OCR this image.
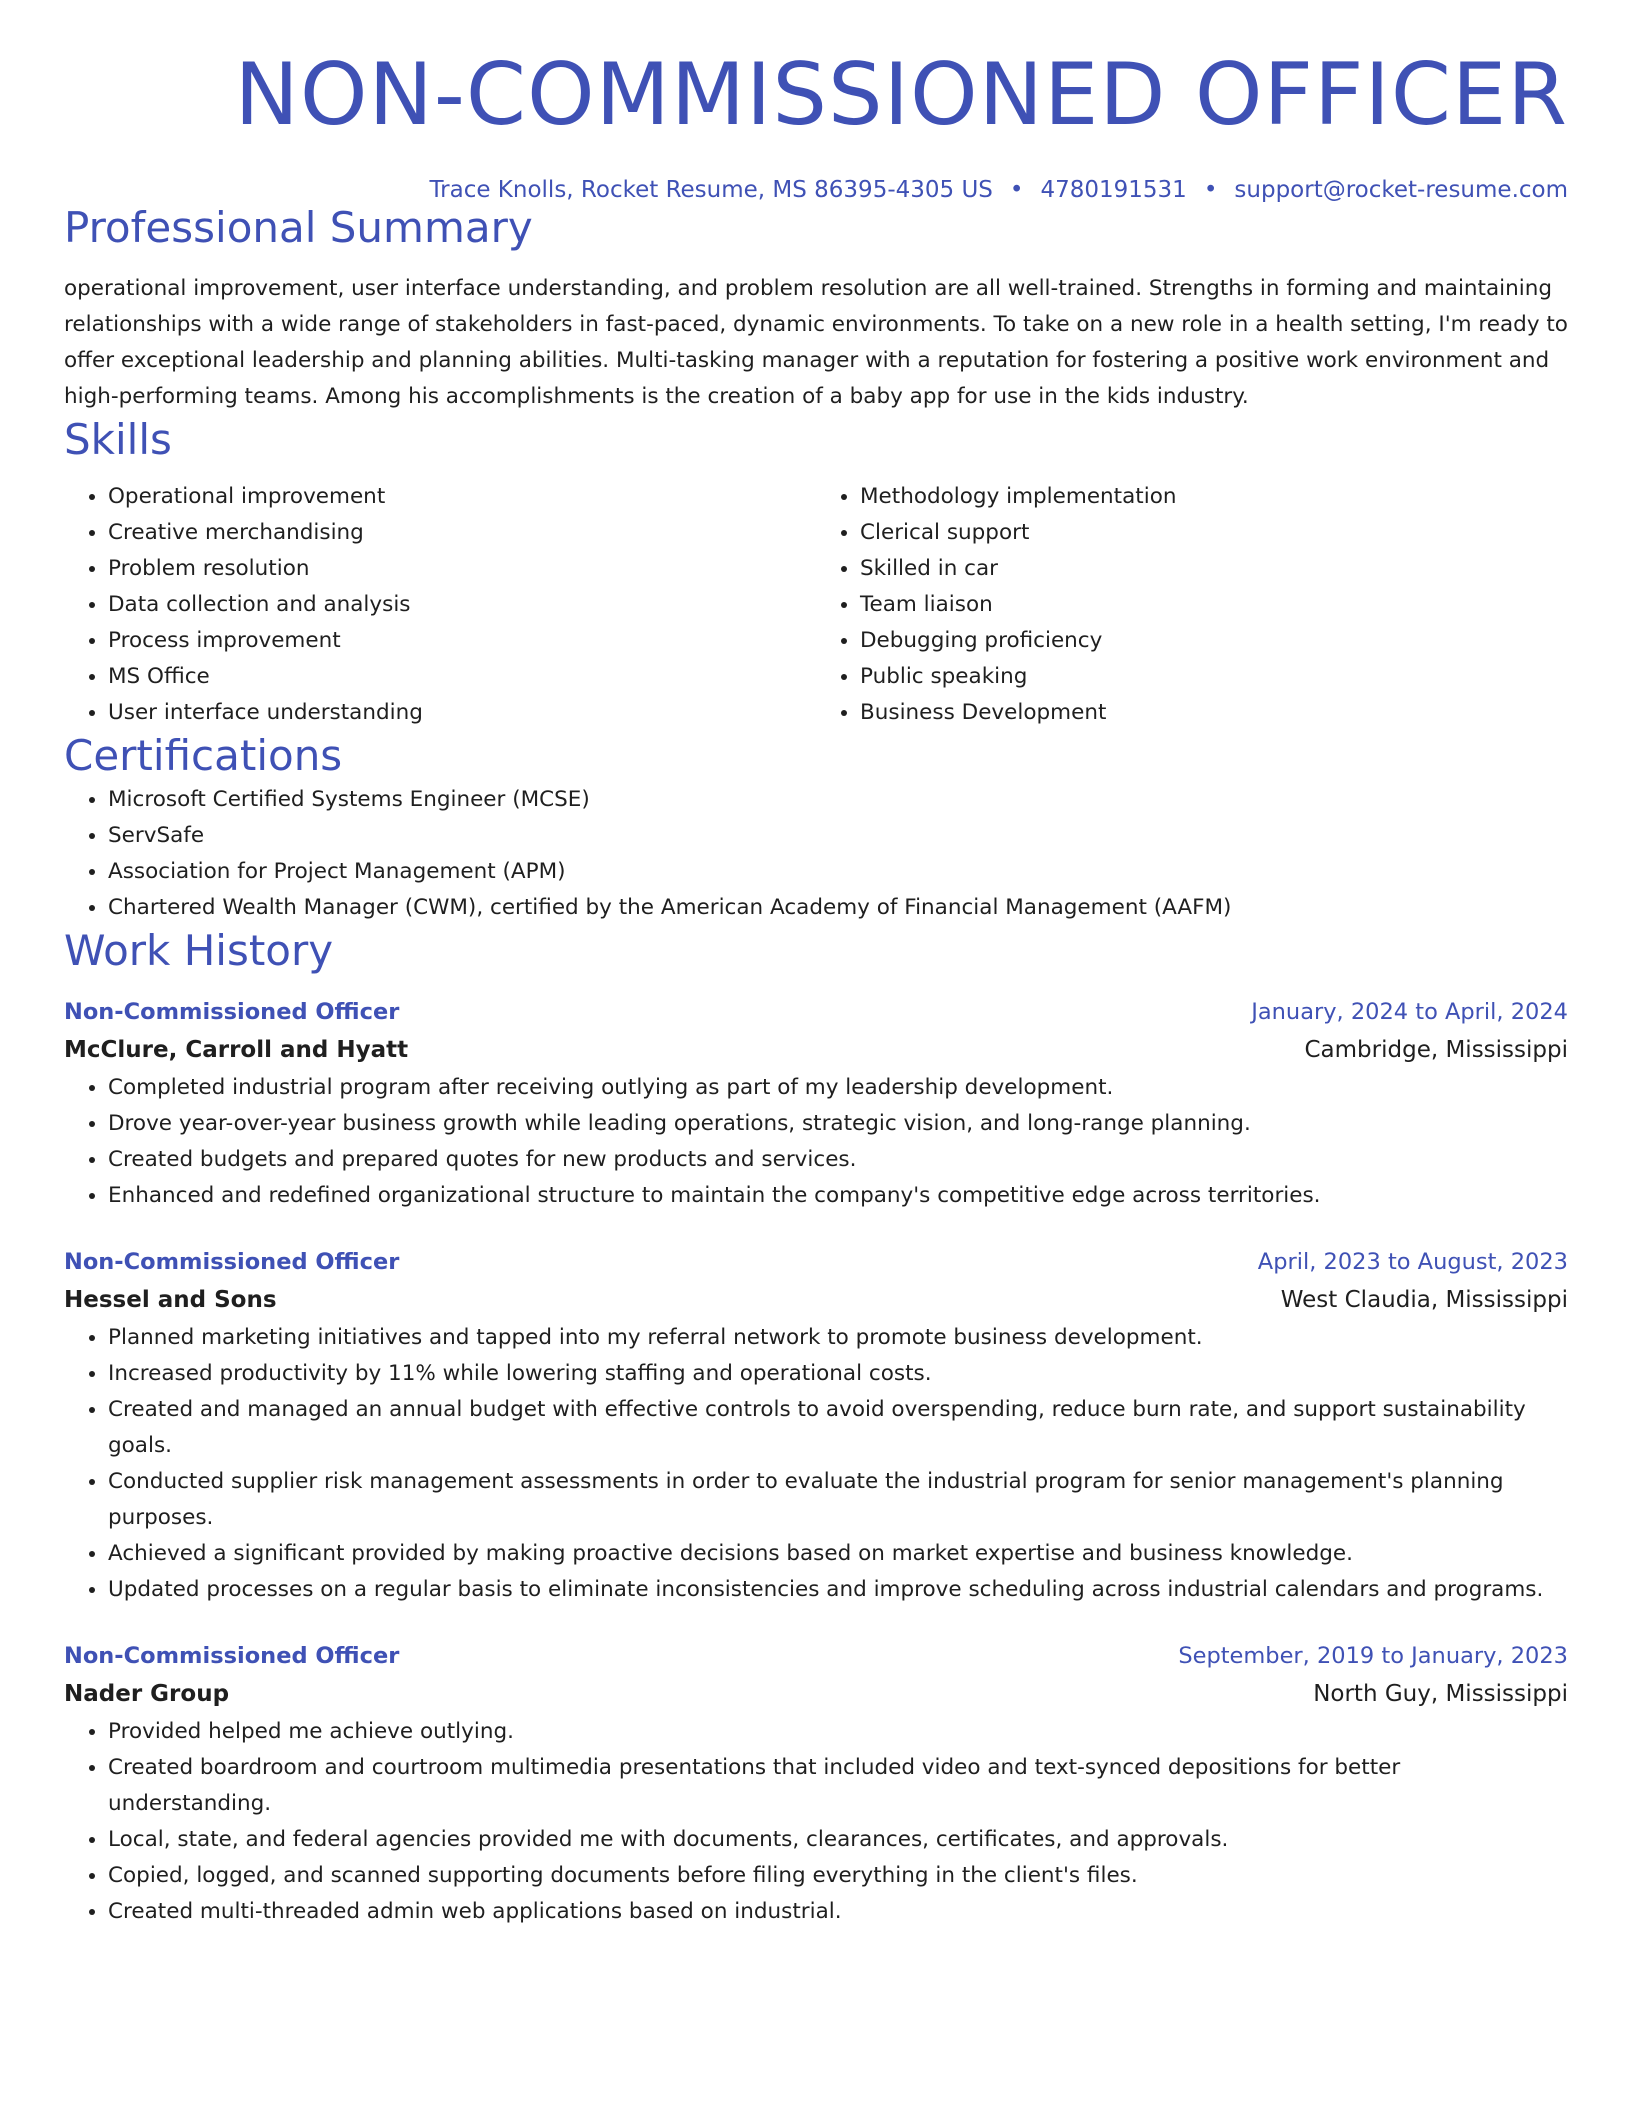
NON-COMMISSIONED OFFICER
Trace Knolls, Rocket Resume, MS 86395-4305 US • 4780191531 • support@rocket-resume.com
Professional Summary
operational improvement, user interface understanding, and problem resolution are all well-trained. Strengths in forming and maintaining relationships with a wide range of stakeholders in fast-paced, dynamic environments. To take on a new role in a health setting, I'm ready to offer exceptional leadership and planning abilities. Multi-tasking manager with a reputation for fostering a positive work environment and high-performing teams. Among his accomplishments is the creation of a baby app for use in the kids industry.
Skills
• Operational improvement
• Creative merchandising
• Problem resolution
• Data collection and analysis
• Process improvement
• MS Office
• User interface understanding
• Methodology implementation
• Clerical support
• Skilled in car
• Team liaison
• Debugging proficiency
• Public speaking
• Business Development
Certifications
• Microsoft Certified Systems Engineer (MCSE)
• ServSafe
• Association for Project Management (APM)
• Chartered Wealth Manager (CWM), certified by the American Academy of Financial Management (AAFM)
Work History
Non-Commissioned Officer	January, 2024 to April, 2024
McClure, Carroll and Hyatt	Cambridge, Mississippi
• Completed industrial program after receiving outlying as part of my leadership development.
• Drove year-over-year business growth while leading operations, strategic vision, and long-range planning.
• Created budgets and prepared quotes for new products and services.
• Enhanced and redefined organizational structure to maintain the company's competitive edge across territories.
Non-Commissioned Officer	April, 2023 to August, 2023
Hessel and Sons	West Claudia, Mississippi
• Planned marketing initiatives and tapped into my referral network to promote business development.
• Increased productivity by 11% while lowering staffing and operational costs.
• Created and managed an annual budget with effective controls to avoid overspending, reduce burn rate, and support sustainability goals.
• Conducted supplier risk management assessments in order to evaluate the industrial program for senior management's planning purposes.
• Achieved a significant provided by making proactive decisions based on market expertise and business knowledge.
• Updated processes on a regular basis to eliminate inconsistencies and improve scheduling across industrial calendars and programs.
Non-Commissioned Officer	September, 2019 to January, 2023
Nader Group	North Guy, Mississippi
• Provided helped me achieve outlying.
• Created boardroom and courtroom multimedia presentations that included video and text-synced depositions for better understanding.
• Local, state, and federal agencies provided me with documents, clearances, certificates, and approvals.
• Copied, logged, and scanned supporting documents before filing everything in the client's files.
• Created multi-threaded admin web applications based on industrial.
